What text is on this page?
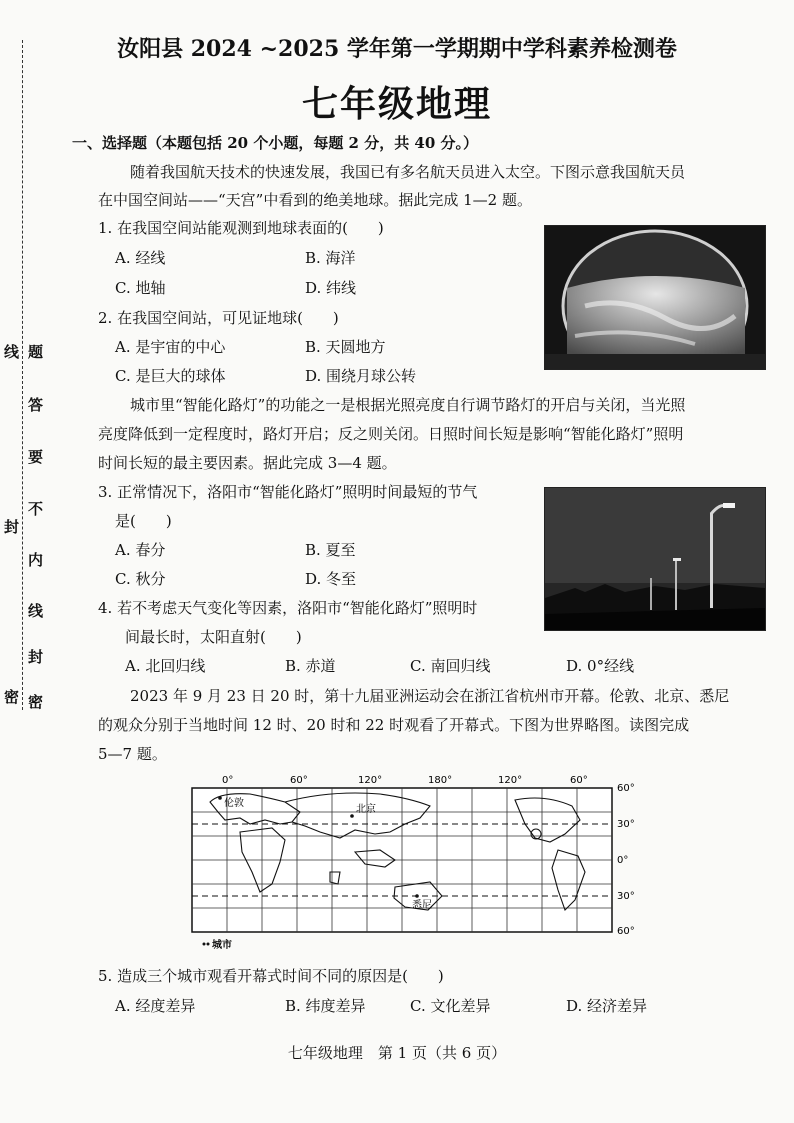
线 题
答
要
不
封
内
线
封
密
密
汝阳县 2024 ~2025 学年第一学期期中学科素养检测卷
七年级地理
一、选择题（本题包括 20 个小题，每题 2 分，共 40 分。）
随着我国航天技术的快速发展，我国已有多名航天员进入太空。下图示意我国航天员
在中国空间站——“天宫”中看到的绝美地球。据此完成 1—2 题。
1. 在我国空间站能观测到地球表面的(　　)
A. 经线	B. 海洋
C. 地轴	D. 纬线
2. 在我国空间站，可见证地球(　　)
A. 是宇宙的中心	B. 天圆地方
C. 是巨大的球体	D. 围绕月球公转
城市里“智能化路灯”的功能之一是根据光照亮度自行调节路灯的开启与关闭，当光照
亮度降低到一定程度时，路灯开启；反之则关闭。日照时间长短是影响“智能化路灯”照明
时间长短的最主要因素。据此完成 3—4 题。
3. 正常情况下，洛阳市“智能化路灯”照明时间最短的节气
是(　　)
A. 春分	B. 夏至
C. 秋分	D. 冬至
4. 若不考虑天气变化等因素，洛阳市“智能化路灯”照明时
间最长时，太阳直射(　　)
A. 北回归线	B. 赤道	C. 南回归线	D. 0°经线
2023 年 9 月 23 日 20 时，第十九届亚洲运动会在浙江省杭州市开幕。伦敦、北京、悉尼
的观众分别于当地时间 12 时、20 时和 22 时观看了开幕式。下图为世界略图。读图完成
5—7 题。
0°	60°	120°	180°	120°	60°
60°
30°
0°
30°
60°
伦敦
北京
悉尼
城市
5. 造成三个城市观看开幕式时间不同的原因是(　　)
A. 经度差异	B. 纬度差异	C. 文化差异	D. 经济差异
七年级地理　第 1 页（共 6 页）
